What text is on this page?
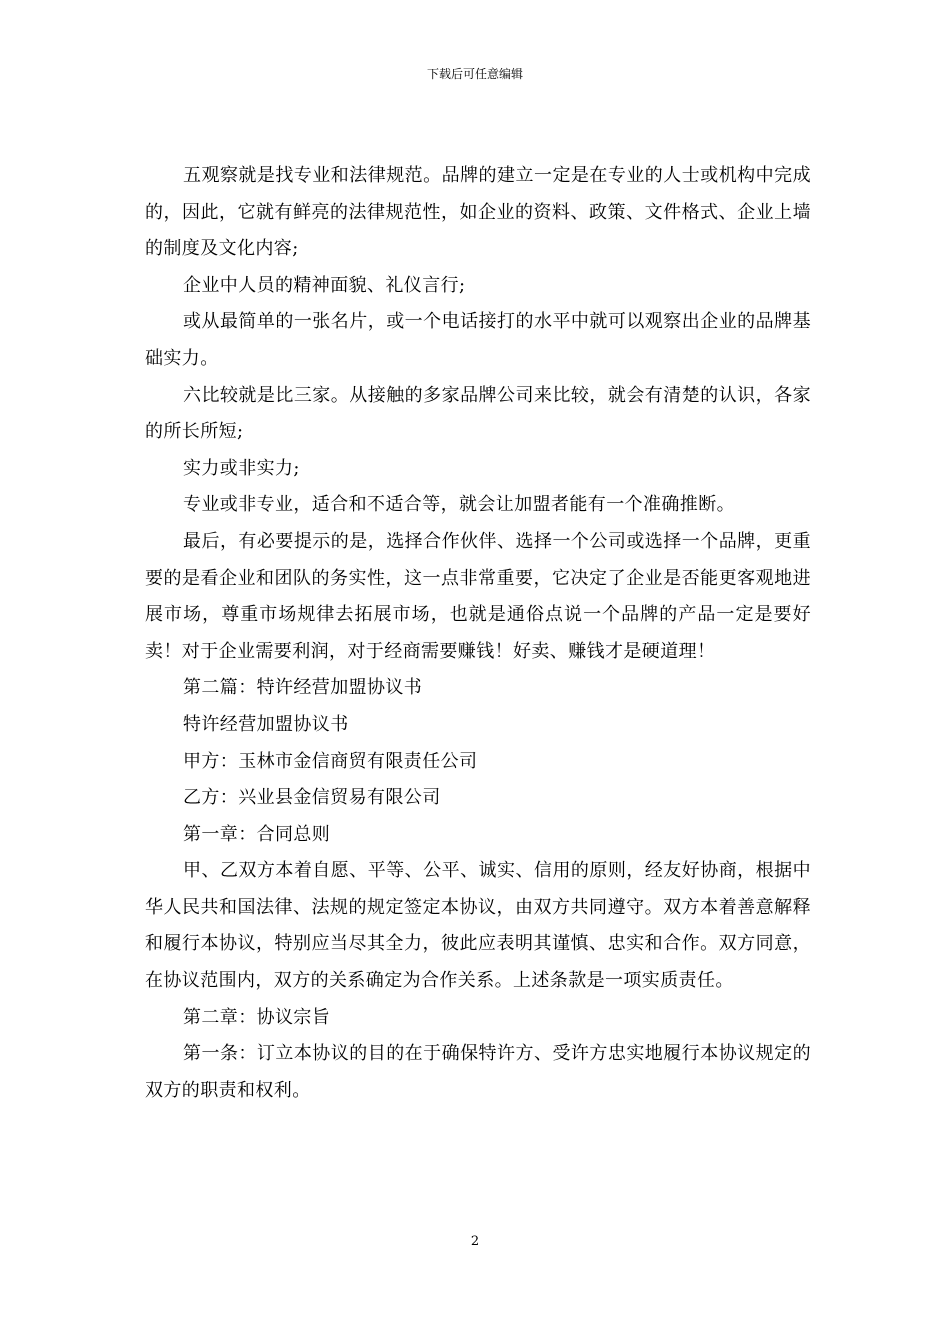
下载后可任意编辑

五观察就是找专业和法律规范。品牌的建立一定是在专业的人士或机构中完成的，因此，它就有鲜亮的法律规范性，如企业的资料、政策、文件格式、企业上墙的制度及文化内容;

企业中人员的精神面貌、礼仪言行;

或从最简单的一张名片，或一个电话接打的水平中就可以观察出企业的品牌基础实力。

六比较就是比三家。从接触的多家品牌公司来比较，就会有清楚的认识，各家的所长所短;

实力或非实力;

专业或非专业，适合和不适合等，就会让加盟者能有一个准确推断。

最后，有必要提示的是，选择合作伙伴、选择一个公司或选择一个品牌，更重要的是看企业和团队的务实性，这一点非常重要，它决定了企业是否能更客观地进展市场，尊重市场规律去拓展市场，也就是通俗点说一个品牌的产品一定是要好卖！对于企业需要利润，对于经商需要赚钱！好卖、赚钱才是硬道理！

第二篇：特许经营加盟协议书

特许经营加盟协议书

甲方：玉林市金信商贸有限责任公司

乙方：兴业县金信贸易有限公司

第一章：合同总则

甲、乙双方本着自愿、平等、公平、诚实、信用的原则，经友好协商，根据中华人民共和国法律、法规的规定签定本协议，由双方共同遵守。双方本着善意解释和履行本协议，特别应当尽其全力，彼此应表明其谨慎、忠实和合作。双方同意，在协议范围内，双方的关系确定为合作关系。上述条款是一项实质责任。

第二章：协议宗旨

第一条：订立本协议的目的在于确保特许方、受许方忠实地履行本协议规定的双方的职责和权利。

2
